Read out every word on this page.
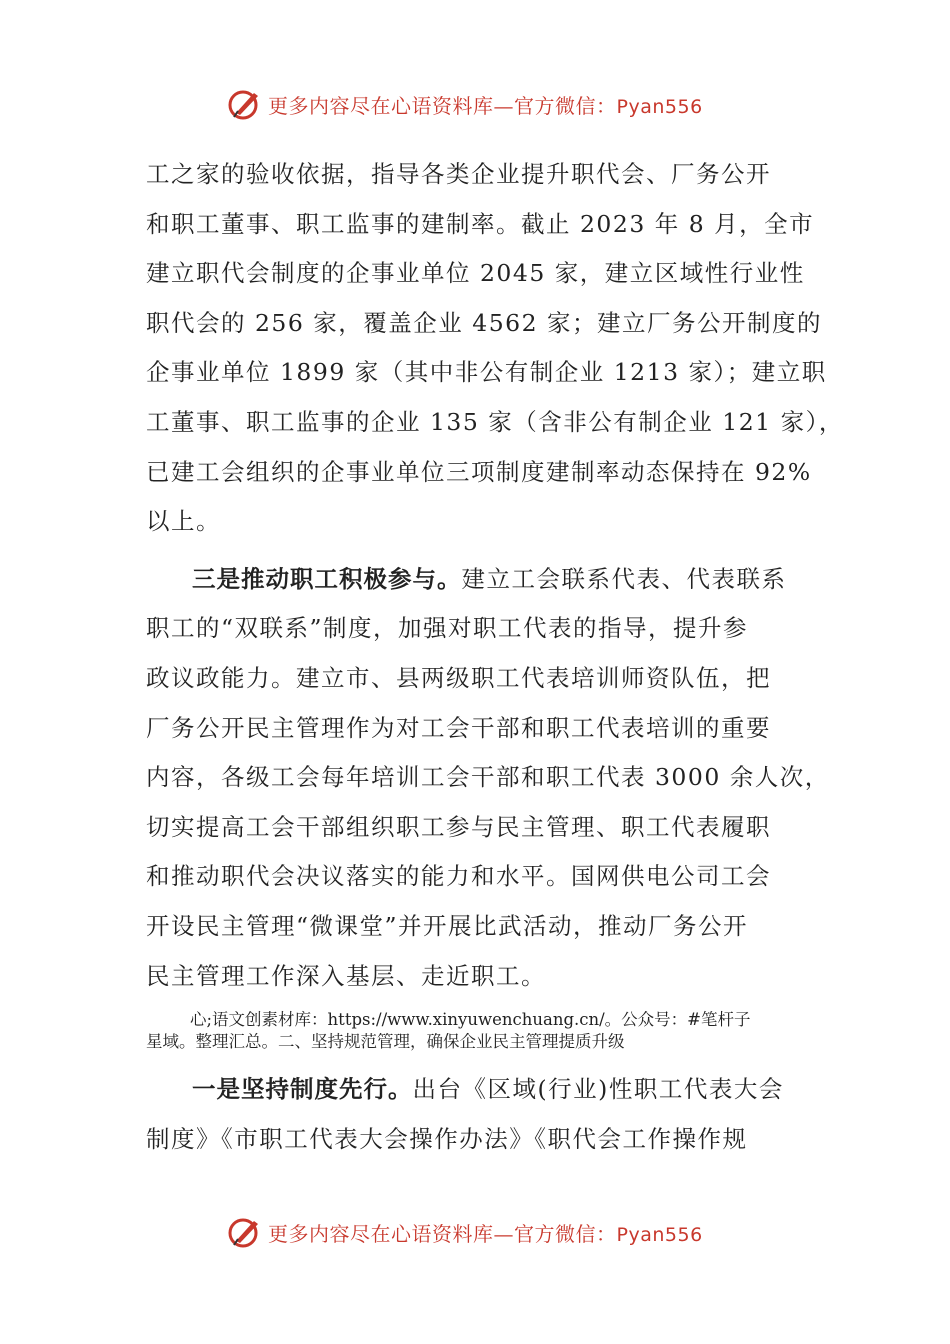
更多内容尽在心语资料库—官方微信：Pyan556

工之家的验收依据，指导各类企业提升职代会、厂务公开

和职工董事、职工监事的建制率。截止 2023 年 8 月，全市

建立职代会制度的企事业单位 2045 家，建立区域性行业性

职代会的 256 家，覆盖企业 4562 家；建立厂务公开制度的

企事业单位 1899 家（其中非公有制企业 1213 家）；建立职

工董事、职工监事的企业 135 家（含非公有制企业 121 家），

已建工会组织的企事业单位三项制度建制率动态保持在 92%

以上。

三是推动职工积极参与。建立工会联系代表、代表联系

职工的“双联系”制度，加强对职工代表的指导，提升参

政议政能力。建立市、县两级职工代表培训师资队伍，把

厂务公开民主管理作为对工会干部和职工代表培训的重要

内容，各级工会每年培训工会干部和职工代表 3000 余人次，

切实提高工会干部组织职工参与民主管理、职工代表履职

和推动职代会决议落实的能力和水平。国网供电公司工会

开设民主管理“微课堂”并开展比武活动，推动厂务公开

民主管理工作深入基层、走近职工。

心;语文创素材库：https://www.xinyuwenchuang.cn/。公众号：#笔杆子
星域。整理汇总。二、坚持规范管理，确保企业民主管理提质升级

一是坚持制度先行。出台《区域(行业)性职工代表大会

制度》《市职工代表大会操作办法》《职代会工作操作规

更多内容尽在心语资料库—官方微信：Pyan556
